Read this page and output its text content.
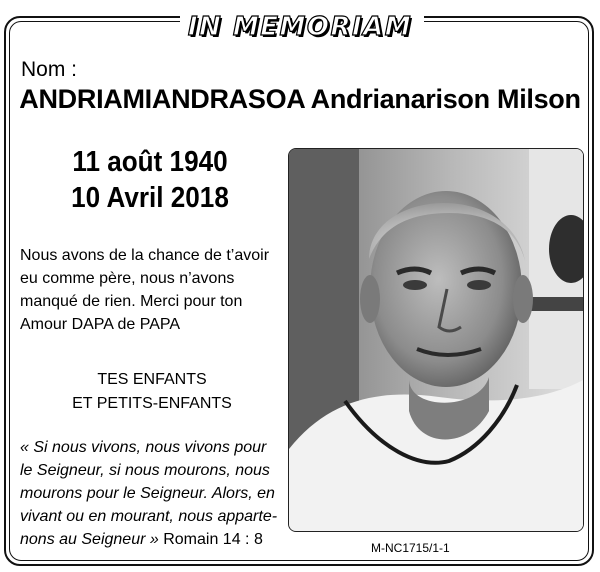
IN MEMORIAM
Nom :
ANDRIAMIANDRASOA Andrianarison Milson
11 août 1940
10 Avril 2018
Nous avons de la chance de t’avoir
eu comme père, nous n’avons
manqué de rien. Merci pour ton
Amour DAPA de PAPA
TES ENFANTS
ET PETITS-ENFANTS
« Si nous vivons, nous vivons pour
le Seigneur, si nous mourons, nous
mourons pour le Seigneur. Alors, en
vivant ou en mourant, nous apparte-
nons au Seigneur » Romain 14 : 8	M-NC1715/1-1
